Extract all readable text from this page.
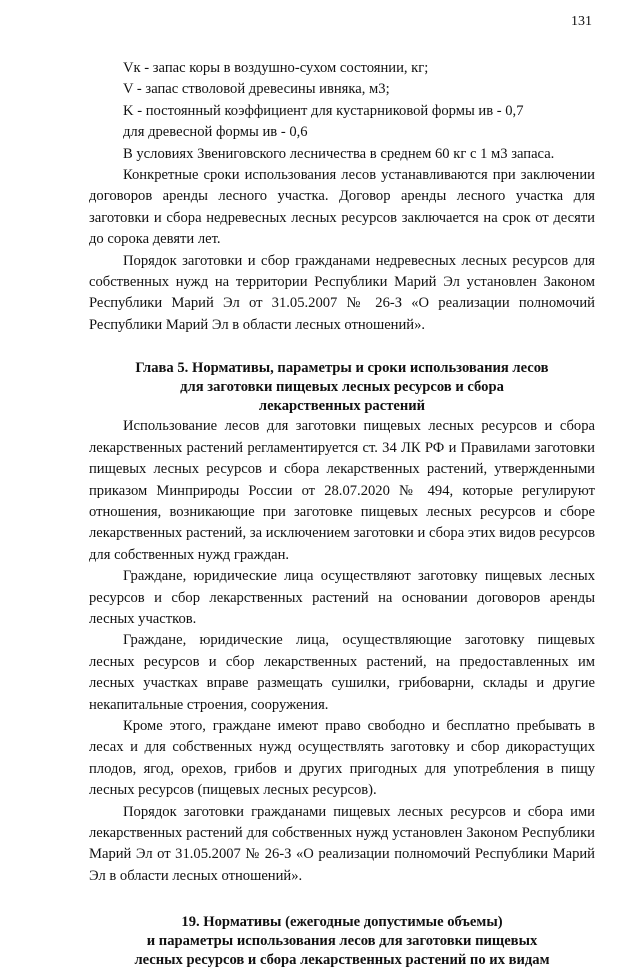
131

Vк - запас коры в воздушно-сухом состоянии, кг;

V - запас стволовой древесины ивняка, м3;

K - постоянный коэффициент для кустарниковой формы ив - 0,7

для древесной формы ив - 0,6

В условиях Звениговского лесничества в среднем 60 кг с 1 м3 запаса.

Конкретные сроки использования лесов устанавливаются при заключении договоров аренды лесного участка. Договор аренды лесного участка для заготовки и сбора недревесных лесных ресурсов заключается на срок от десяти до сорока девяти лет.

Порядок заготовки и сбор гражданами недревесных лесных ресурсов для собственных нужд на территории Республики Марий Эл установлен Законом Республики Марий Эл от 31.05.2007 № 26-З «О реализации полномочий Республики Марий Эл в области лесных отношений».

Глава 5. Нормативы, параметры и сроки использования лесов
для заготовки пищевых лесных ресурсов и сбора
лекарственных растений

Использование лесов для заготовки пищевых лесных ресурсов и сбора лекарственных растений регламентируется ст. 34 ЛК РФ и Правилами заготовки пищевых лесных ресурсов и сбора лекарственных растений, утвержденными приказом Минприроды России от 28.07.2020 № 494, которые регулируют отношения, возникающие при заготовке пищевых лесных ресурсов и сборе лекарственных растений, за исключением заготовки и сбора этих видов ресурсов для собственных нужд граждан.

Граждане, юридические лица осуществляют заготовку пищевых лесных ресурсов и сбор лекарственных растений на основании договоров аренды лесных участков.

Граждане, юридические лица, осуществляющие заготовку пищевых лесных ресурсов и сбор лекарственных растений, на предоставленных им лесных участках вправе размещать сушилки, грибоварни, склады и другие некапитальные строения, сооружения.

Кроме этого, граждане имеют право свободно и бесплатно пребывать в лесах и для собственных нужд осуществлять заготовку и сбор дикорастущих плодов, ягод, орехов, грибов и других пригодных для употребления в пищу лесных ресурсов (пищевых лесных ресурсов).

Порядок заготовки гражданами пищевых лесных ресурсов и сбора ими лекарственных растений для собственных нужд установлен Законом Республики Марий Эл от 31.05.2007 № 26-З «О реализации полномочий Республики Марий Эл в области лесных отношений».

19. Нормативы (ежегодные допустимые объемы)
и параметры использования лесов для заготовки пищевых
лесных ресурсов и сбора лекарственных растений по их видам
